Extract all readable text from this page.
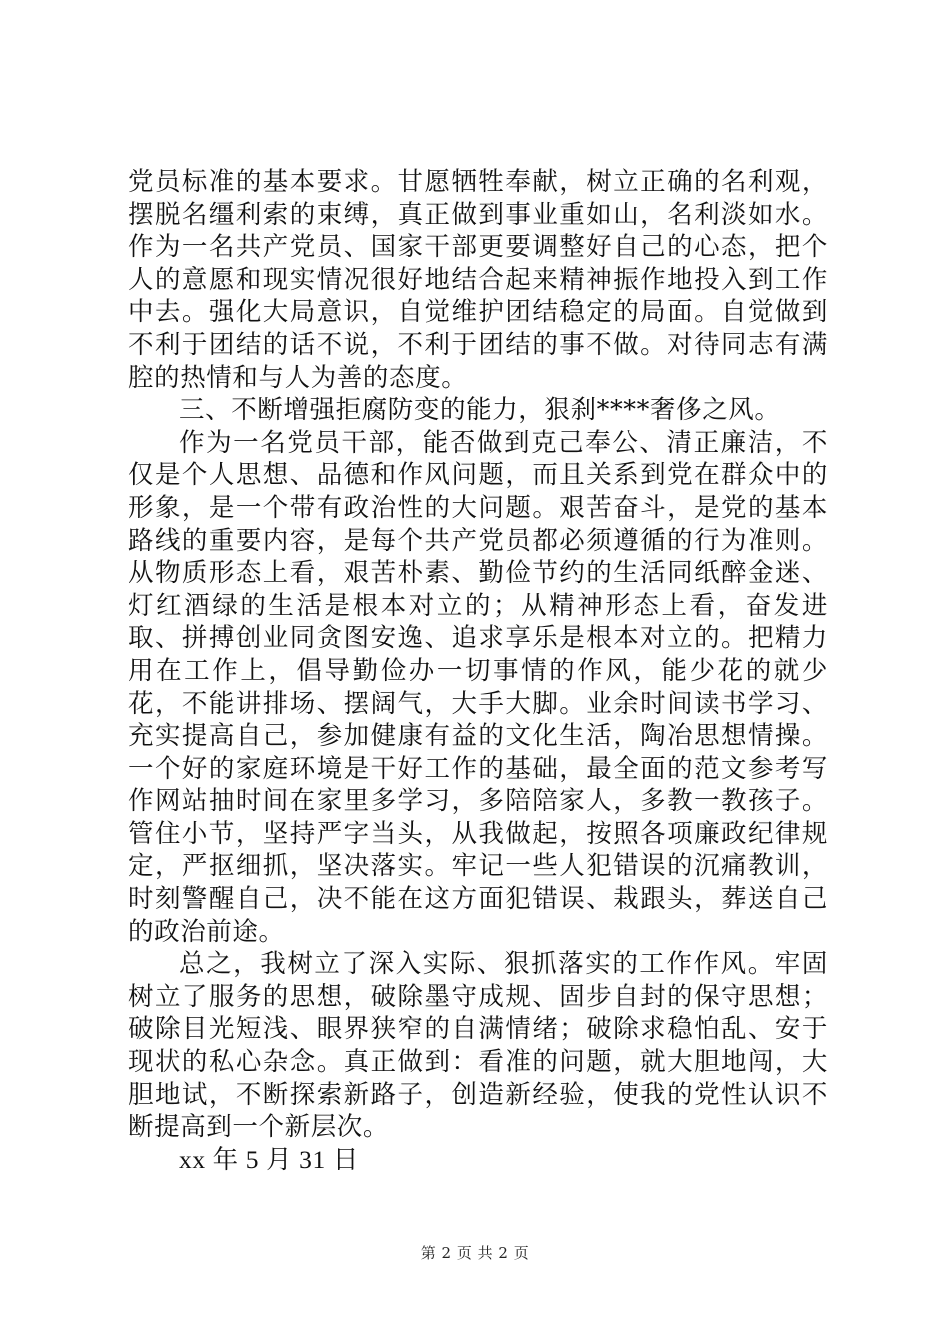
党员标准的基本要求。甘愿牺牲奉献，树立正确的名利观，摆脱名缰利索的束缚，真正做到事业重如山，名利淡如水。作为一名共产党员、国家干部更要调整好自己的心态，把个人的意愿和现实情况很好地结合起来精神振作地投入到工作中去。强化大局意识，自觉维护团结稳定的局面。自觉做到不利于团结的话不说，不利于团结的事不做。对待同志有满腔的热情和与人为善的态度。

三、不断增强拒腐防变的能力，狠刹****奢侈之风。

作为一名党员干部，能否做到克己奉公、清正廉洁，不仅是个人思想、品德和作风问题，而且关系到党在群众中的形象，是一个带有政治性的大问题。艰苦奋斗，是党的基本路线的重要内容，是每个共产党员都必须遵循的行为准则。从物质形态上看，艰苦朴素、勤俭节约的生活同纸醉金迷、灯红酒绿的生活是根本对立的；从精神形态上看，奋发进取、拼搏创业同贪图安逸、追求享乐是根本对立的。把精力用在工作上，倡导勤俭办一切事情的作风，能少花的就少花，不能讲排场、摆阔气，大手大脚。业余时间读书学习、充实提高自己，参加健康有益的文化生活，陶冶思想情操。一个好的家庭环境是干好工作的基础，最全面的范文参考写作网站抽时间在家里多学习，多陪陪家人，多教一教孩子。管住小节，坚持严字当头，从我做起，按照各项廉政纪律规定，严抠细抓，坚决落实。牢记一些人犯错误的沉痛教训，时刻警醒自己，决不能在这方面犯错误、栽跟头，葬送自己的政治前途。

总之，我树立了深入实际、狠抓落实的工作作风。牢固树立了服务的思想，破除墨守成规、固步自封的保守思想；破除目光短浅、眼界狭窄的自满情绪；破除求稳怕乱、安于现状的私心杂念。真正做到：看准的问题，就大胆地闯，大胆地试，不断探索新路子，创造新经验，使我的党性认识不断提高到一个新层次。

xx 年 5 月 31 日

第 2 页 共 2 页
